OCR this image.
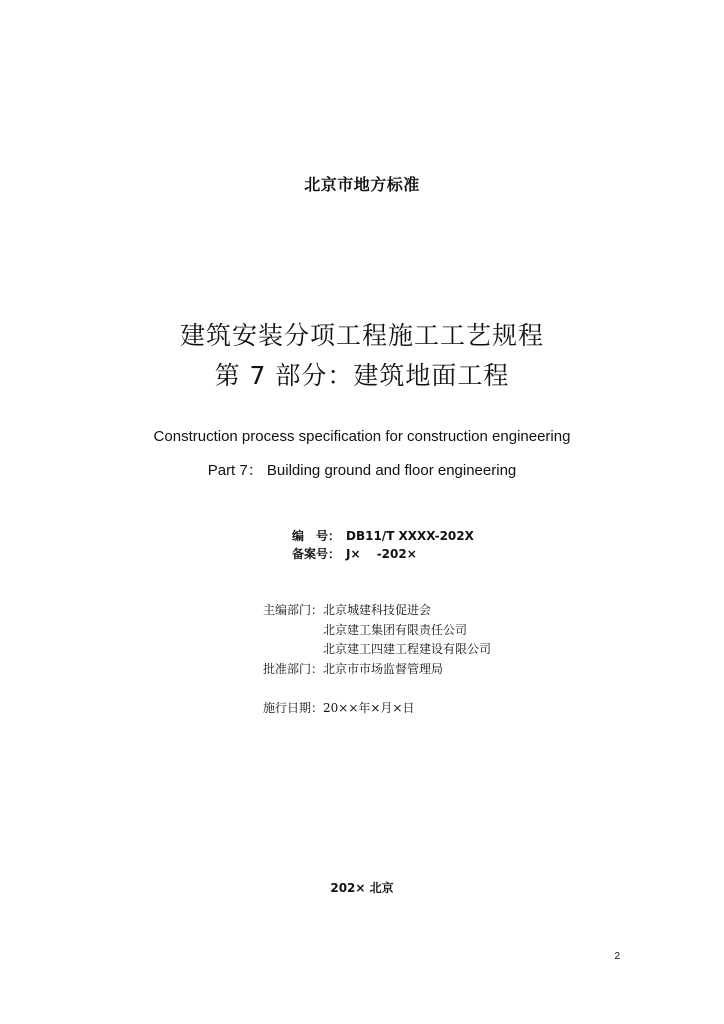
北京市地方标准
建筑安装分项工程施工工艺规程
第 7 部分：建筑地面工程
Construction process specification for construction engineering
Part 7： Building ground and floor engineering
编　号： DB11/T XXXX-202X
备案号： J×　 -202×
主编部门：北京城建科技促进会
北京建工集团有限责任公司
北京建工四建工程建设有限公司
批准部门：北京市市场监督管理局
施行日期：20××年×月×日
202× 北京
2
